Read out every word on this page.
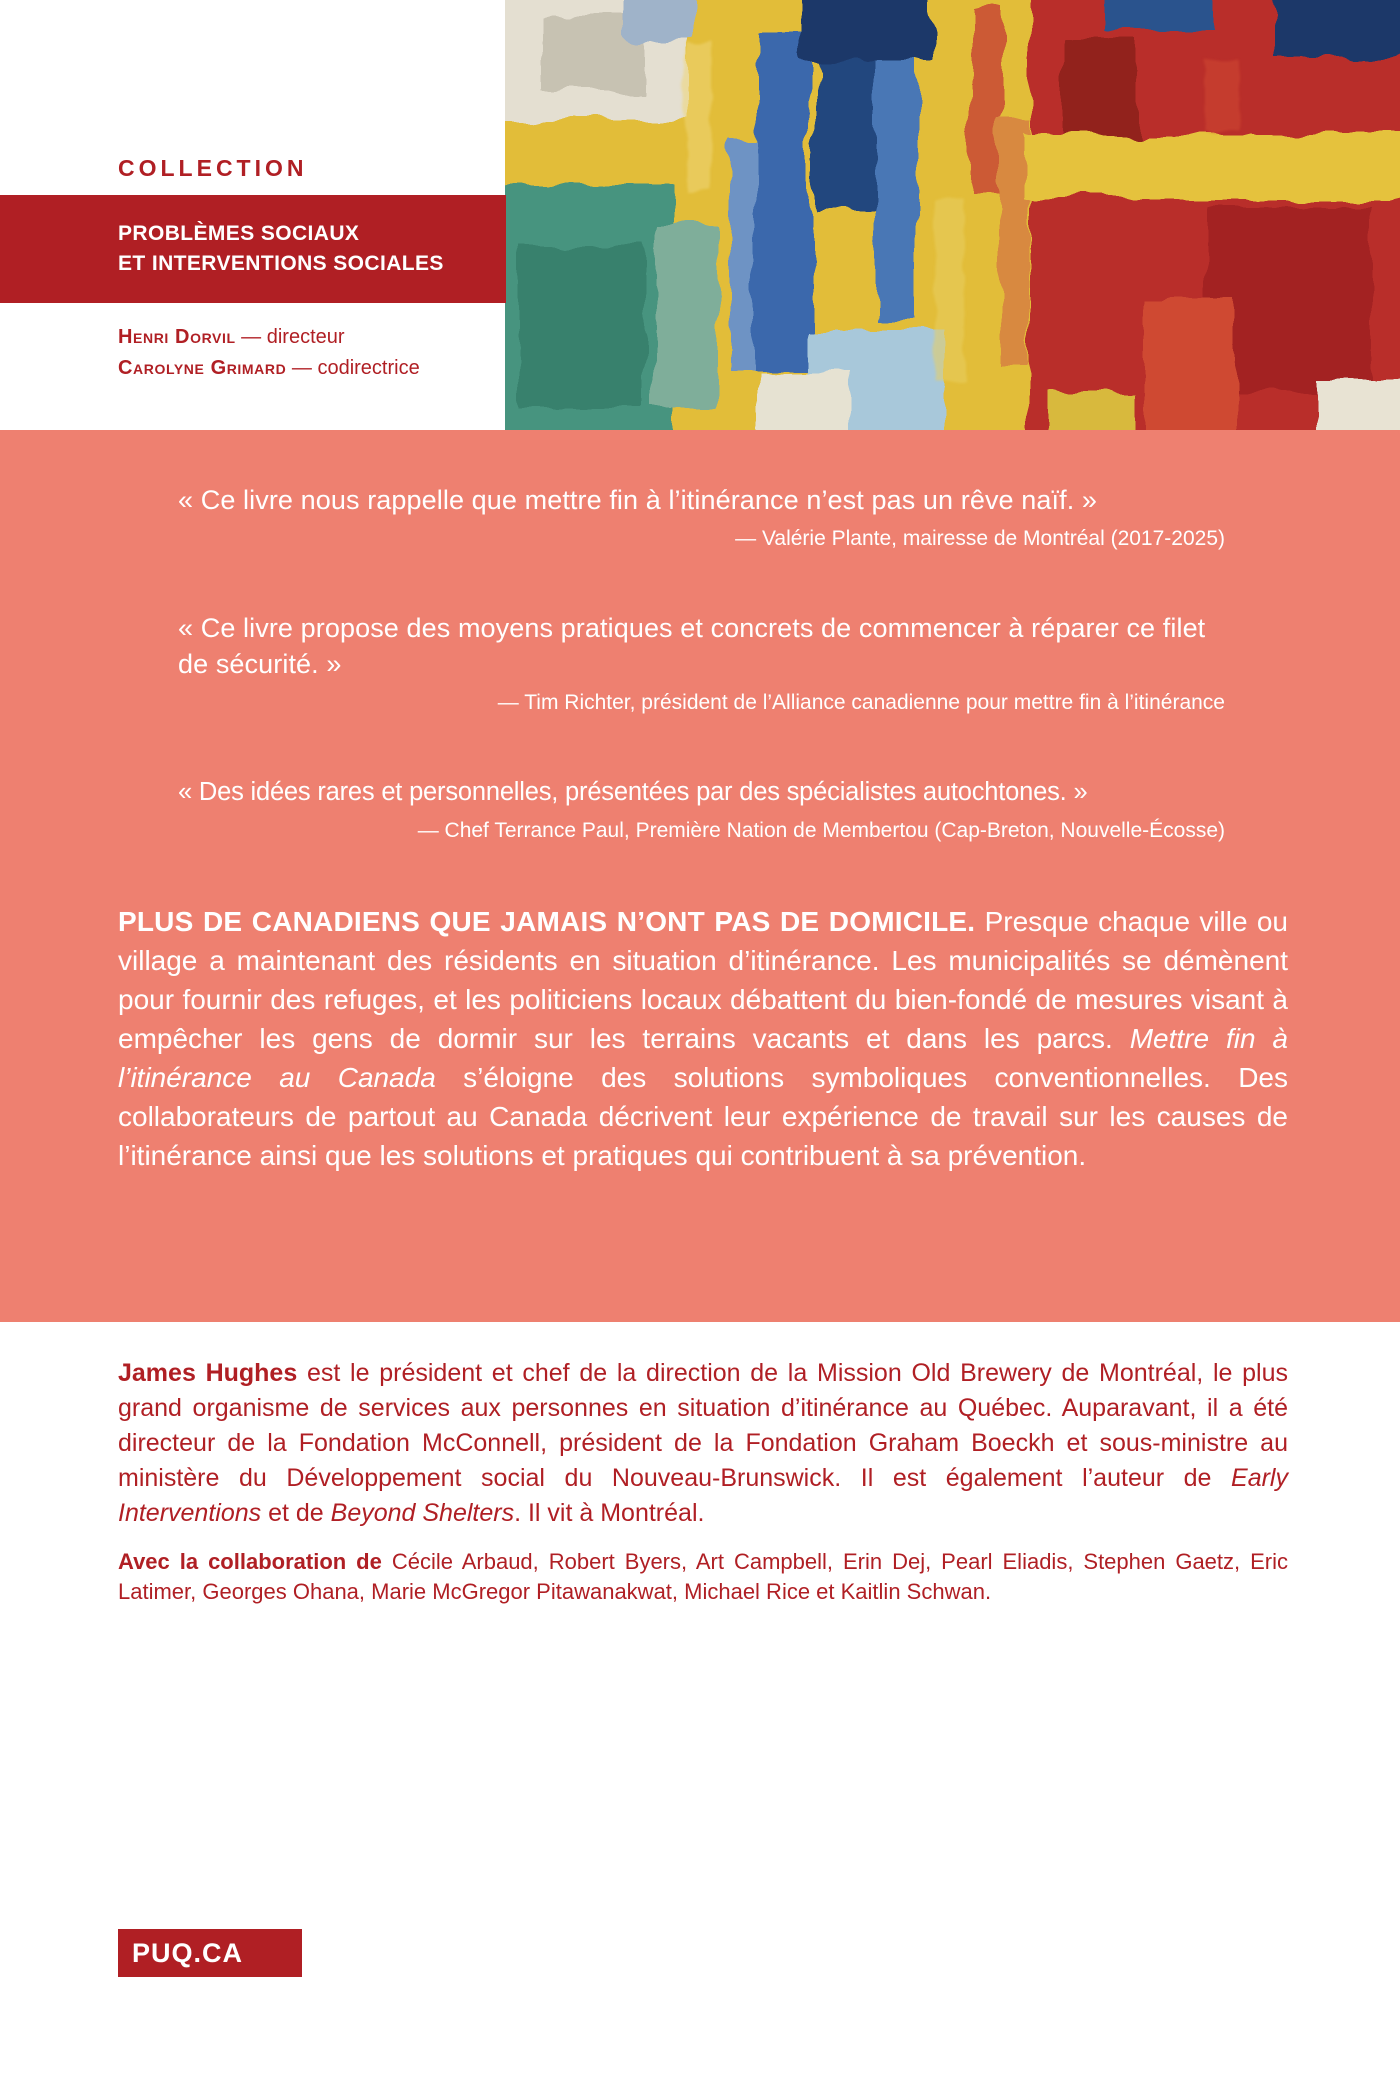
COLLECTION
PROBLÈMES SOCIAUX
ET INTERVENTIONS SOCIALES
Henri Dorvil — directeur
Carolyne Grimard — codirectrice

« Ce livre nous rappelle que mettre fin à l’itinérance n’est pas un rêve naïf. »

— Valérie Plante, mairesse de Montréal (2017-2025)

« Ce livre propose des moyens pratiques et concrets de commencer à réparer ce filet de sécurité. »

— Tim Richter, président de l’Alliance canadienne pour mettre fin à l’itinérance

« Des idées rares et personnelles, présentées par des spécialistes autochtones. »

— Chef Terrance Paul, Première Nation de Membertou (Cap-Breton, Nouvelle-Écosse)

PLUS DE CANADIENS QUE JAMAIS N’ONT PAS DE DOMICILE. Presque chaque ville ou village a maintenant des résidents en situation d’itinérance. Les municipalités se démènent pour fournir des refuges, et les politiciens locaux débattent du bien-fondé de mesures visant à empêcher les gens de dormir sur les terrains vacants et dans les parcs. Mettre fin à l’itinérance au Canada s’éloigne des solutions symboliques conventionnelles. Des collaborateurs de partout au Canada décrivent leur expérience de travail sur les causes de l’itinérance ainsi que les solutions et pratiques qui contribuent à sa prévention.

James Hughes est le président et chef de la direction de la Mission Old Brewery de Montréal, le plus grand organisme de services aux personnes en situation d’itinérance au Québec. Auparavant, il a été directeur de la Fondation McConnell, président de la Fondation Graham Boeckh et sous-ministre au ministère du Développement social du Nouveau-Brunswick. Il est également l’auteur de Early Interventions et de Beyond Shelters. Il vit à Montréal.

Avec la collaboration de Cécile Arbaud, Robert Byers, Art Campbell, Erin Dej, Pearl Eliadis, Stephen Gaetz, Eric Latimer, Georges Ohana, Marie McGregor Pitawanakwat, Michael Rice et Kaitlin Schwan.

PUQ.CA
